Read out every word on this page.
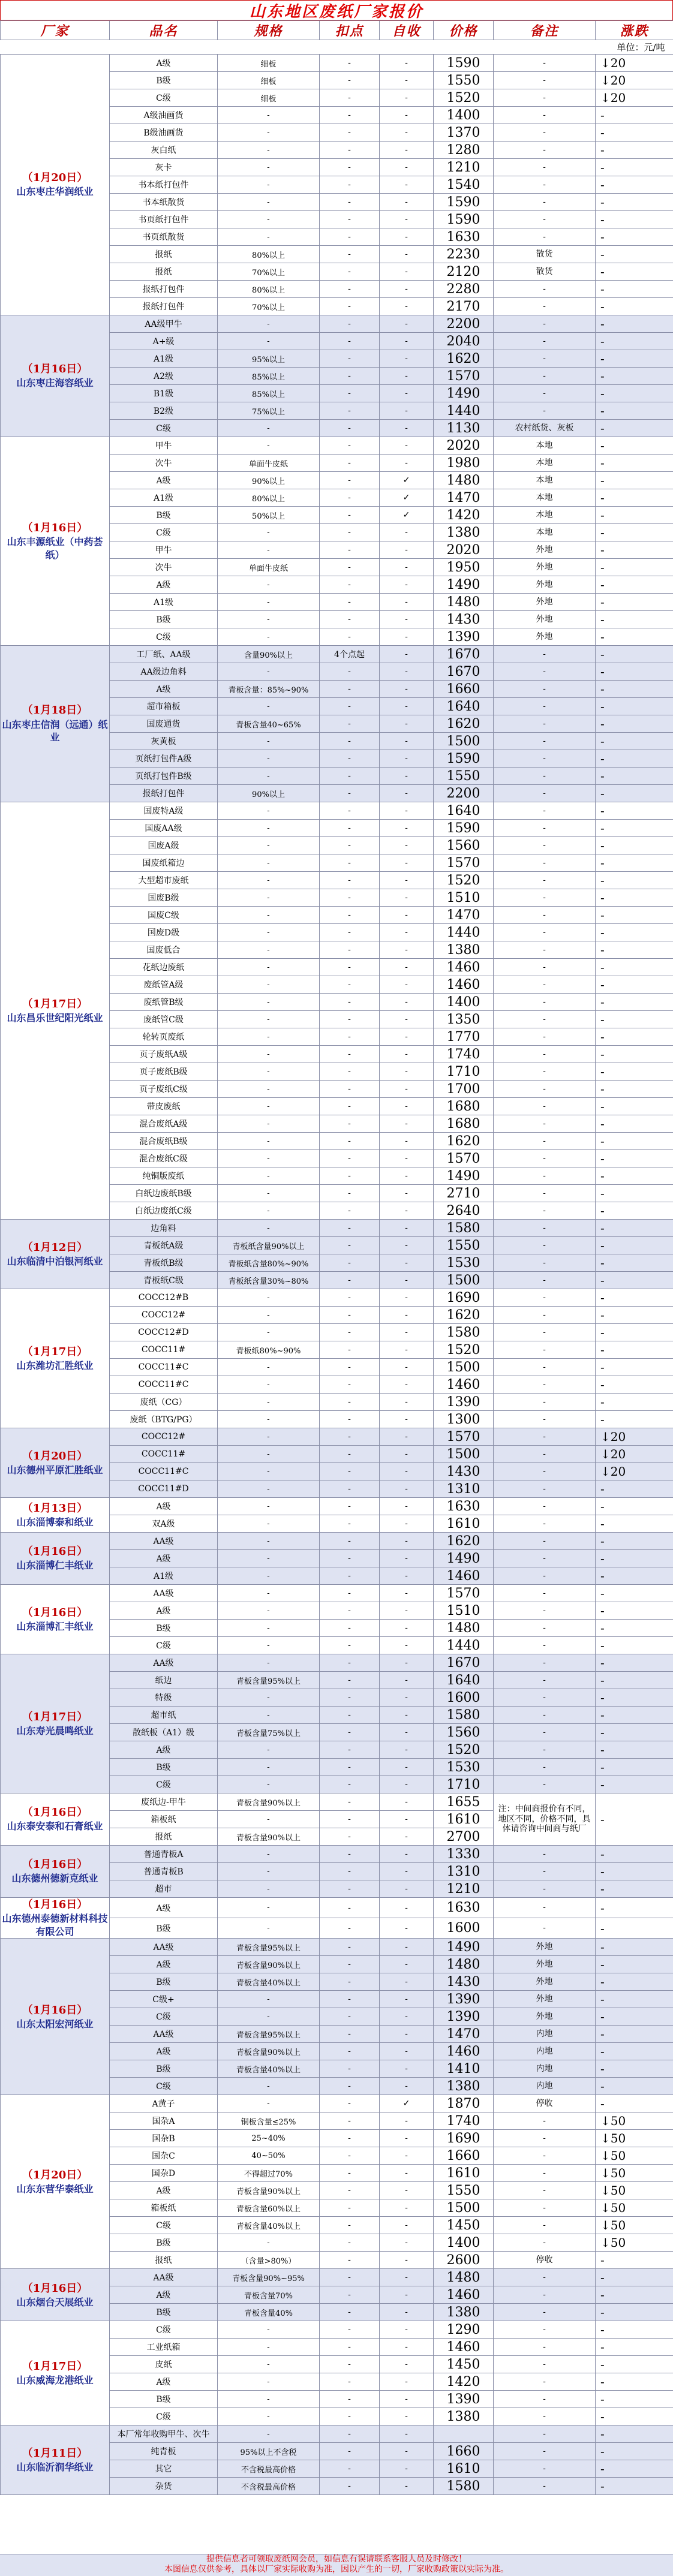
山东地区废纸厂家报价
厂家	品名	规格	扣点	自收	价格	备注	涨跌
单位：元/吨							

（1月20日）
山东枣庄华润纸业	A级	细板	-	-	1590	-	↓20
	B级	细板	-	-	1550	-	↓20
	C级	细板	-	-	1520	-	↓20
	A级油画货	-	-	-	1400	-	-
	B级油画货	-	-	-	1370	-	-
	灰白纸	-	-	-	1280	-	-
	灰卡	-	-	-	1210	-	-
	书本纸打包件	-	-	-	1540	-	-
	书本纸散货	-	-	-	1590	-	-
	书页纸打包件	-	-	-	1590	-	-
	书页纸散货	-	-	-	1630	-	-
	报纸	80%以上	-	-	2230	散货	-
	报纸	70%以上	-	-	2120	散货	-
	报纸打包件	80%以上	-	-	2280	-	-
	报纸打包件	70%以上	-	-	2170	-	-

（1月16日）
山东枣庄海容纸业	AA级甲牛	-	-	-	2200	-	-
	A+级	-	-	-	2040	-	-
	A1级	95%以上	-	-	1620	-	-
	A2级	85%以上	-	-	1570	-	-
	B1级	85%以上	-	-	1490	-	-
	B2级	75%以上	-	-	1440	-	-
	C级	-	-	-	1130	农村纸货、灰板	-

（1月16日）
山东丰源纸业（中药荟纸）	甲牛	-	-	-	2020	本地	-
	次牛	单面牛皮纸	-	-	1980	本地	-
	A级	90%以上	-	✓	1480	本地	-
	A1级	80%以上	-	✓	1470	本地	-
	B级	50%以上	-	✓	1420	本地	-
	C级	-	-	-	1380	本地	-
	甲牛	-	-	-	2020	外地	-
	次牛	单面牛皮纸	-	-	1950	外地	-
	A级	-	-	-	1490	外地	-
	A1级	-	-	-	1480	外地	-
	B级	-	-	-	1430	外地	-
	C级	-	-	-	1390	外地	-

（1月18日）
山东枣庄信润（远通）纸业	工厂纸、AA级	含量90%以上	4个点起	-	1670	-	-
	AA级边角料	-	-	-	1670	-	-
	A级	青板含量：85%~90%	-	-	1660	-	-
	超市箱板	-	-	-	1640	-	-
	国废通货	青板含量40~65%	-	-	1620	-	-
	灰黄板	-	-	-	1500	-	-
	页纸打包件A级	-	-	-	1590	-	-
	页纸打包件B级	-	-	-	1550	-	-
	报纸打包件	90%以上	-	-	2200	-	-

（1月17日）
山东昌乐世纪阳光纸业	国废特A级	-	-	-	1640	-	-
	国废AA级	-	-	-	1590	-	-
	国废A级	-	-	-	1560	-	-
	国废纸箱边	-	-	-	1570	-	-
	大型超市废纸	-	-	-	1520	-	-
	国废B级	-	-	-	1510	-	-
	国废C级	-	-	-	1470	-	-
	国废D级	-	-	-	1440	-	-
	国废低合	-	-	-	1380	-	-
	花纸边废纸	-	-	-	1460	-	-
	废纸管A级	-	-	-	1460	-	-
	废纸管B级	-	-	-	1400	-	-
	废纸管C级	-	-	-	1350	-	-
	轮转页废纸	-	-	-	1770	-	-
	页子废纸A级	-	-	-	1740	-	-
	页子废纸B级	-	-	-	1710	-	-
	页子废纸C级	-	-	-	1700	-	-
	带皮废纸	-	-	-	1680	-	-
	混合废纸A级	-	-	-	1680	-	-
	混合废纸B级	-	-	-	1620	-	-
	混合废纸C级	-	-	-	1570	-	-
	纯铜版废纸	-	-	-	1490	-	-
	白纸边废纸B级	-	-	-	2710	-	-
	白纸边废纸C级	-	-	-	2640	-	-

（1月12日）
山东临清中泊银河纸业	边角料	-	-	-	1580	-	-
	青板纸A级	青板纸含量90%以上	-	-	1550	-	-
	青板纸B级	青板纸含量80%~90%	-	-	1530	-	-
	青板纸C级	青板纸含量30%~80%	-	-	1500	-	-

（1月17日）
山东潍坊汇胜纸业	COCC12#B	-	-	-	1690	-	-
	COCC12#	-	-	-	1620	-	-
	COCC12#D	-	-	-	1580	-	-
	COCC11#	青板纸80%~90%	-	-	1520	-	-
	COCC11#C	-	-	-	1500	-	-
	COCC11#C	-	-	-	1460	-	-
	废纸（CG）	-	-	-	1390	-	-
	废纸（BTG/PG）	-	-	-	1300	-	-

（1月20日）
山东德州平原汇胜纸业	COCC12#	-	-	-	1570	-	↓20
	COCC11#	-	-	-	1500	-	↓20
	COCC11#C	-	-	-	1430	-	↓20
	COCC11#D	-	-	-	1310	-	-

（1月13日）
山东淄博泰和纸业	A级	-	-	-	1630	-	-
	双A级	-	-	-	1610	-	-

（1月16日）
山东淄博仁丰纸业	AA级	-	-	-	1620	-	-
	A级	-	-	-	1490	-	-
	A1级	-	-	-	1460	-	-

（1月16日）
山东淄博汇丰纸业	AA级	-	-	-	1570	-	-
	A级	-	-	-	1510	-	-
	B级	-	-	-	1480	-	-
	C级	-	-	-	1440	-	-

（1月17日）
山东寿光晨鸣纸业	AA级	-	-	-	1670	-	-
	纸边	青板含量95%以上	-	-	1640	-	-
	特级	-	-	-	1600	-	-
	超市纸	-	-	-	1580	-	-
	散纸板（A1）级	青板含量75%以上	-	-	1560	-	-
	A级	-	-	-	1520	-	-
	B级	-	-	-	1530	-	-
	C级	-	-	-	1710	-	-

（1月16日）
山东泰安泰和石膏纸业	废纸边-甲牛	青板含量90%以上	-	-	1655	注：中间商报价有不同，地区不同，价格不同，具体请咨询中间商与纸厂	-
	箱板纸	-	-	-	1610		
	报纸	青板含量90%以上	-	-	2700		

（1月16日）
山东德州德新克纸业	普通青板A	-	-	-	1330	-	-
	普通青板B	-	-	-	1310	-	-
	超市	-	-	-	1210	-	-

（1月16日）
山东德州泰德新材料科技有限公司	A级	-	-	-	1630	-	-
	B级	-	-	-	1600	-	-

（1月16日）
山东太阳宏河纸业	AA级	青板含量95%以上	-	-	1490	外地	-
	A级	青板含量90%以上	-	-	1480	外地	-
	B级	青板含量40%以上	-	-	1430	外地	-
	C级+	-	-	-	1390	外地	-
	C级	-	-	-	1390	外地	-
	AA级	青板含量95%以上	-	-	1470	内地	-
	A级	青板含量90%以上	-	-	1460	内地	-
	B级	青板含量40%以上	-	-	1410	内地	-
	C级	-	-	-	1380	内地	-

（1月20日）
山东东营华泰纸业	A黄子	-	-	✓	1870	停收	-
	国杂A	铜板含量≤25%	-	-	1740	-	↓50
	国杂B	25~40%	-	-	1690	-	↓50
	国杂C	40~50%	-	-	1660	-	↓50
	国杂D	不得超过70%	-	-	1610	-	↓50
	A级	青板含量90%以上	-	-	1550	-	↓50
	箱板纸	青板含量60%以上	-	-	1500	-	↓50
	C级	青板含量40%以上	-	-	1450	-	↓50
	B级	-	-	-	1400	-	↓50
	报纸	（含量>80%）	-	-	2600	停收	-

（1月16日）
山东烟台天展纸业	AA级	青板含量90%~95%	-	-	1480	-	-
	A级	青板含量70%	-	-	1460	-	-
	B级	青板含量40%	-	-	1380	-	-

（1月17日）
山东威海龙港纸业	C级	-	-	-	1290	-	-
	工业纸箱	-	-	-	1460	-	-
	皮纸	-	-	-	1450	-	-
	A级	-	-	-	1420	-	-
	B级	-	-	-	1390	-	-
	C级	-	-	-	1380	-	-

（1月11日）
山东临沂润华纸业	本厂常年收购甲牛、次牛	-	-	-		-	-
	纯青板	95%以上不含税	-	-	1660	-	-
	其它	不含税最高价格	-	-	1610	-	-
	杂货	不含税最高价格	-	-	1580	-	-
提供信息者可领取废纸网会员，如信息有误请联系客服人员及时修改！
本图信息仅供参考，具体以厂家实际收购为准，因以产生的一切，厂家收购政策以实际为准。
